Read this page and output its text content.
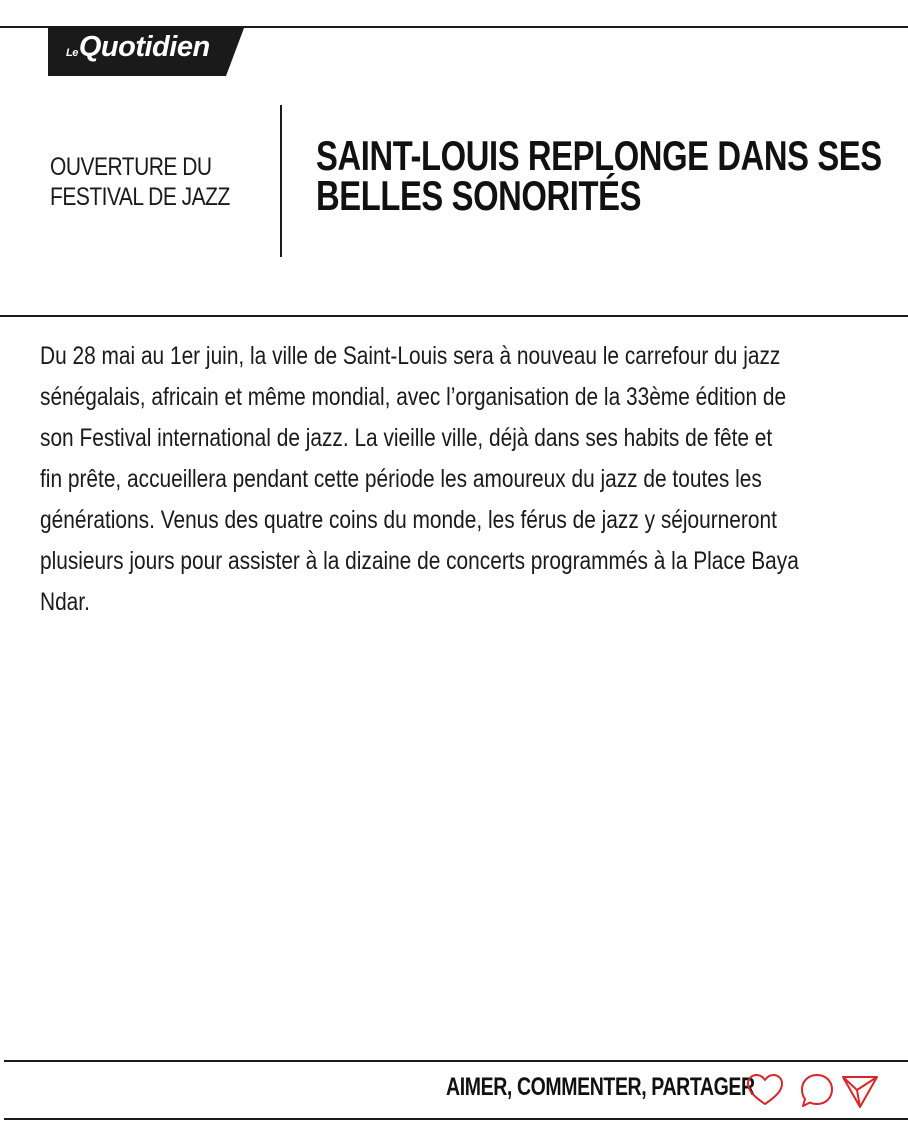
LeQuotidien
OUVERTURE DU
FESTIVAL DE JAZZ
SAINT-LOUIS REPLONGE DANS SES
BELLES SONORITÉS

Du 28 mai au 1er juin, la ville de Saint-Louis sera à nouveau le carrefour du jazz
sénégalais, africain et même mondial, avec l’organisation de la 33ème édition de
son Festival international de jazz. La vieille ville, déjà dans ses habits de fête et
fin prête, accueillera pendant cette période les amoureux du jazz de toutes les
générations. Venus des quatre coins du monde, les férus de jazz y séjourneront
plusieurs jours pour assister à la dizaine de concerts programmés à la Place Baya
Ndar.

AIMER, COMMENTER, PARTAGER
